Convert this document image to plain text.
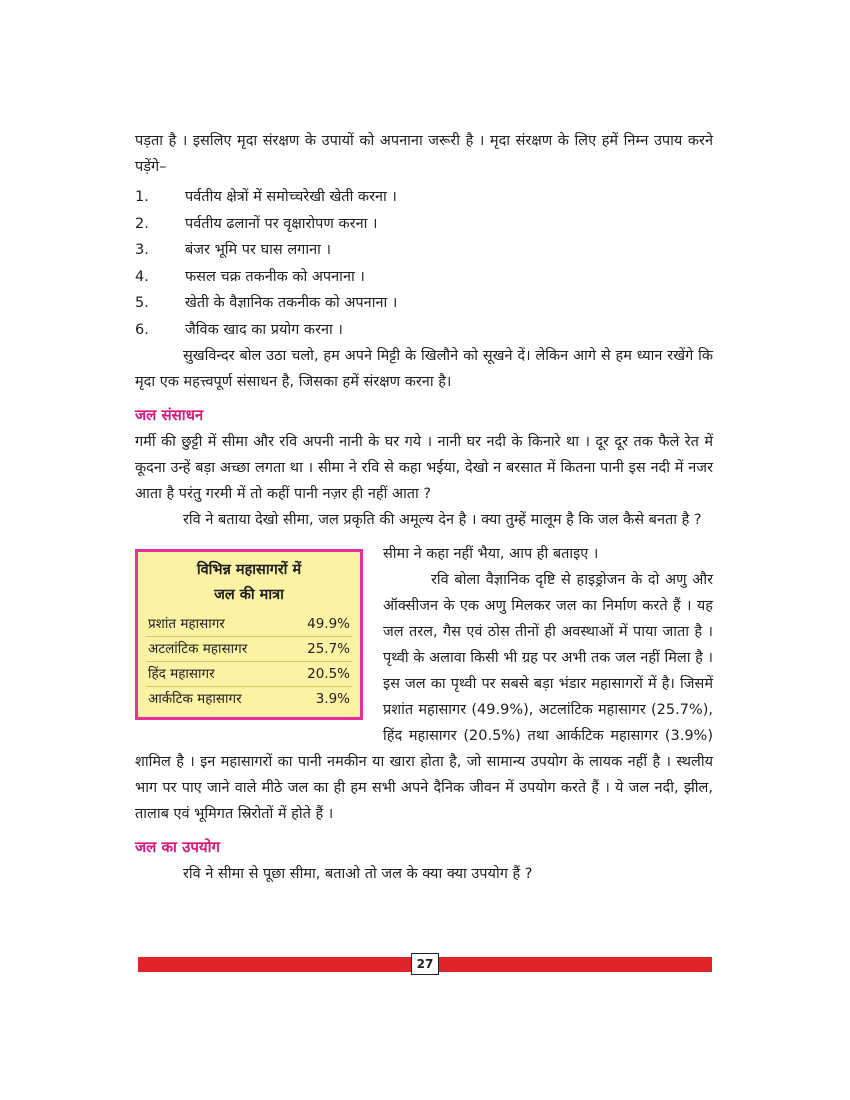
पड़ता है । इसलिए मृदा संरक्षण के उपायों को अपनाना जरूरी है । मृदा संरक्षण के लिए हमें निम्न उपाय करने पड़ेंगे–

1.	पर्वतीय क्षेत्रों में समोच्चरेखी खेती करना ।
2.	पर्वतीय ढलानों पर वृक्षारोपण करना ।
3.	बंजर भूमि पर घास लगाना ।
4.	फसल चक्र तकनीक को अपनाना ।
5.	खेती के वैज्ञानिक तकनीक को अपनाना ।
6.	जैविक खाद का प्रयोग करना ।

सुखविन्दर बोल उठा चलो, हम अपने मिट्टी के खिलौने को सूखने दें। लेकिन आगे से हम ध्यान रखेंगे कि मृदा एक महत्त्वपूर्ण संसाधन है, जिसका हमें संरक्षण करना है।

जल संसाधन

गर्मी की छुट्टी में सीमा और रवि अपनी नानी के घर गये । नानी घर नदी के किनारे था । दूर दूर तक फैले रेत में कूदना उन्हें बड़ा अच्छा लगता था । सीमा ने रवि से कहा भईया, देखो न बरसात में कितना पानी इस नदी में नजर आता है परंतु गरमी में तो कहीं पानी नज़र ही नहीं आता ?

रवि ने बताया देखो सीमा, जल प्रकृति की अमूल्य देन है । क्या तुम्हें मालूम है कि जल कैसे बनता है ?

विभिन्न महासागरों में
जल की मात्रा
प्रशांत महासागर	49.9%
अटलांटिक महासागर	25.7%
हिंद महासागर	20.5%
आर्कटिक महासागर	3.9%

सीमा ने कहा नहीं भैया, आप ही बताइए ।

रवि बोला वैज्ञानिक दृष्टि से हाइड्रोजन के दो अणु और ऑक्सीजन के एक अणु मिलकर जल का निर्माण करते हैं । यह जल तरल, गैस एवं ठोस तीनों ही अवस्थाओं में पाया जाता है । पृथ्वी के अलावा किसी भी ग्रह पर अभी तक जल नहीं मिला है । इस जल का पृथ्वी पर सबसे बड़ा भंडार महासागरों में है। जिसमें प्रशांत महासागर (49.9%), अटलांटिक महासागर (25.7%), हिंद महासागर (20.5%) तथा आर्कटिक महासागर (3.9%) शामिल है । इन महासागरों का पानी नमकीन या खारा होता है, जो सामान्य उपयोग के लायक नहीं है । स्थलीय भाग पर पाए जाने वाले मीठे जल का ही हम सभी अपने दैनिक जीवन में उपयोग करते हैं । ये जल नदी, झील, तालाब एवं भूमिगत स्रिरोतों में होते हैं ।

जल का उपयोग

रवि ने सीमा से पूछा सीमा, बताओ तो जल के क्या क्या उपयोग हैं ?

27
